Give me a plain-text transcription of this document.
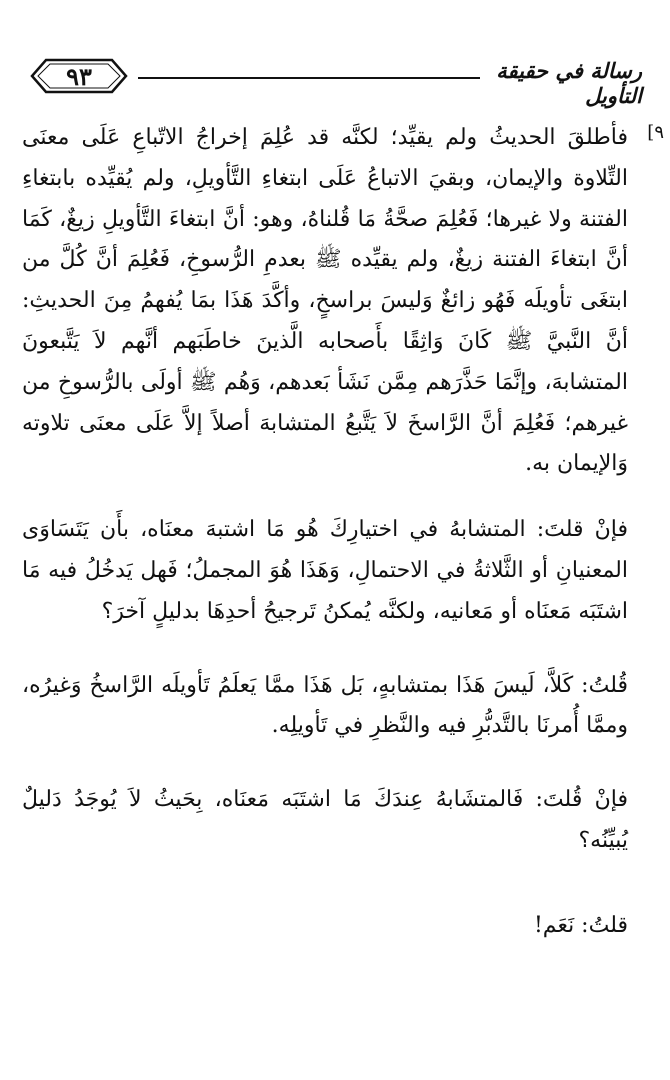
٩٣	رسالة في حقيقة التأويل
٩]

فأطلقَ الحديثُ ولم يقيِّد؛ لكنَّه قد عُلِمَ إخراجُ الاتّباعِ عَلَى معنَى التِّلاوة والإيمان، وبقيَ الاتباعُ عَلَى ابتغاءِ التَّأويلِ، ولم يُقيِّده بابتغاءِ الفتنة ولا غيرها؛ فَعُلِمَ صحَّةُ مَا قُلناهُ، وهو: أنَّ ابتغاءَ التَّأويلِ زيغٌ، كَمَا أنَّ ابتغاءَ الفتنة زيغٌ، ولم يقيِّده ﷺ بعدمِ الرُّسوخِ، فَعُلِمَ أنَّ كُلَّ من ابتغَى تأويلَه فَهُو زائغٌ وَليسَ براسخٍ، وأكَّدَ هَذَا بمَا يُفهمُ مِنَ الحديثِ: أنَّ النَّبيَّ ﷺ كَانَ وَاثِقًا بأَصحابه الَّذينَ خاطَبَهم أنَّهم لاَ يَتَّبعونَ المتشابهَ، وإنَّمَا حَذَّرَهم مِمَّن نَشَأ بَعدهم، وَهُم ﷺ أولَى بالرُّسوخِ من غيرهم؛ فَعُلِمَ أنَّ الرَّاسخَ لاَ يَتَّبعُ المتشابهَ أصلاً إلاَّ عَلَى معنَى تلاوته وَالإيمان به.

فإنْ قلتَ: المتشابهُ في اختيارِكَ هُو مَا اشتبهَ معنَاه، بأَن يَتَسَاوَى المعنيانِ أو الثَّلاثةُ في الاحتمالِ، وَهَذَا هُوَ المجملُ؛ فَهل يَدخُلُ فيه مَا اشتَبَه مَعنَاه أو مَعانيه، ولكنَّه يُمكنُ تَرجيحُ أحدِهَا بدليلٍ آخرَ؟

قُلتُ: كَلاَّ، لَيسَ هَذَا بمتشابهٍ، بَل هَذَا ممَّا يَعلَمُ تَأويلَه الرَّاسخُ وَغيرُه، وممَّا أُمرنَا بالتَّدبُّرِ فيه والنَّظرِ في تَأويلِه.

فإنْ قُلتَ: فَالمتشَابهُ عِندَكَ مَا اشتَبَه مَعنَاه، بِحَيثُ لاَ يُوجَدُ دَليلٌ يُبيِّنُه؟

قلتُ: نَعَم!
